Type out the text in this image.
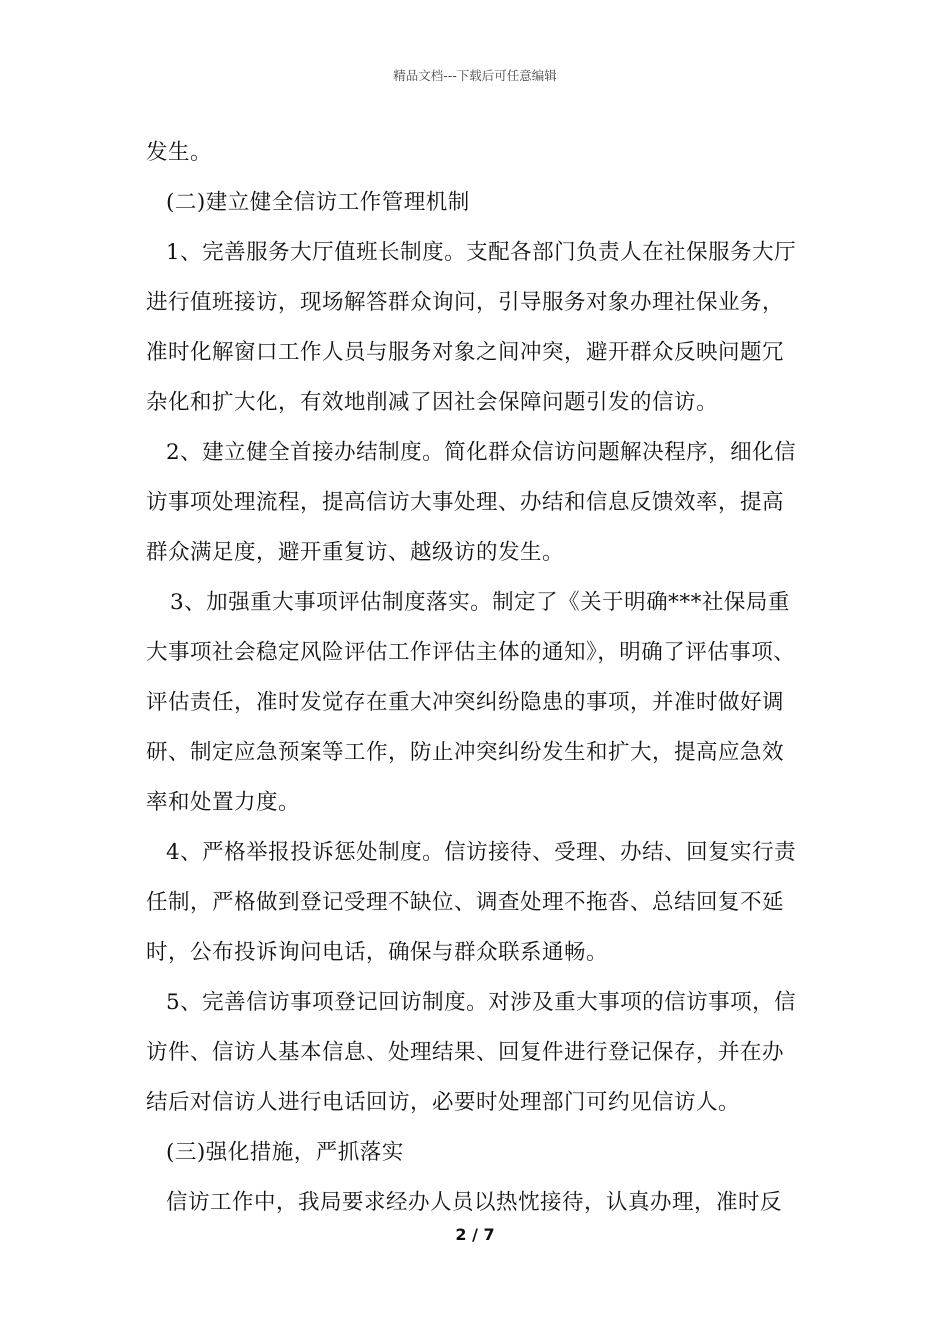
精品文档---下载后可任意编辑
发生。
(二)建立健全信访工作管理机制
1、完善服务大厅值班长制度。支配各部门负责人在社保服务大厅
进行值班接访，现场解答群众询问，引导服务对象办理社保业务，
准时化解窗口工作人员与服务对象之间冲突，避开群众反映问题冗
杂化和扩大化，有效地削减了因社会保障问题引发的信访。
2、建立健全首接办结制度。简化群众信访问题解决程序，细化信
访事项处理流程，提高信访大事处理、办结和信息反馈效率，提高
群众满足度，避开重复访、越级访的发生。
3、加强重大事项评估制度落实。制定了《关于明确***社保局重
大事项社会稳定风险评估工作评估主体的通知》，明确了评估事项、
评估责任，准时发觉存在重大冲突纠纷隐患的事项，并准时做好调
研、制定应急预案等工作，防止冲突纠纷发生和扩大，提高应急效
率和处置力度。
4、严格举报投诉惩处制度。信访接待、受理、办结、回复实行责
任制，严格做到登记受理不缺位、调查处理不拖沓、总结回复不延
时，公布投诉询问电话，确保与群众联系通畅。
5、完善信访事项登记回访制度。对涉及重大事项的信访事项，信
访件、信访人基本信息、处理结果、回复件进行登记保存，并在办
结后对信访人进行电话回访，必要时处理部门可约见信访人。
(三)强化措施，严抓落实
信访工作中，我局要求经办人员以热忱接待，认真办理，准时反
2 / 7
